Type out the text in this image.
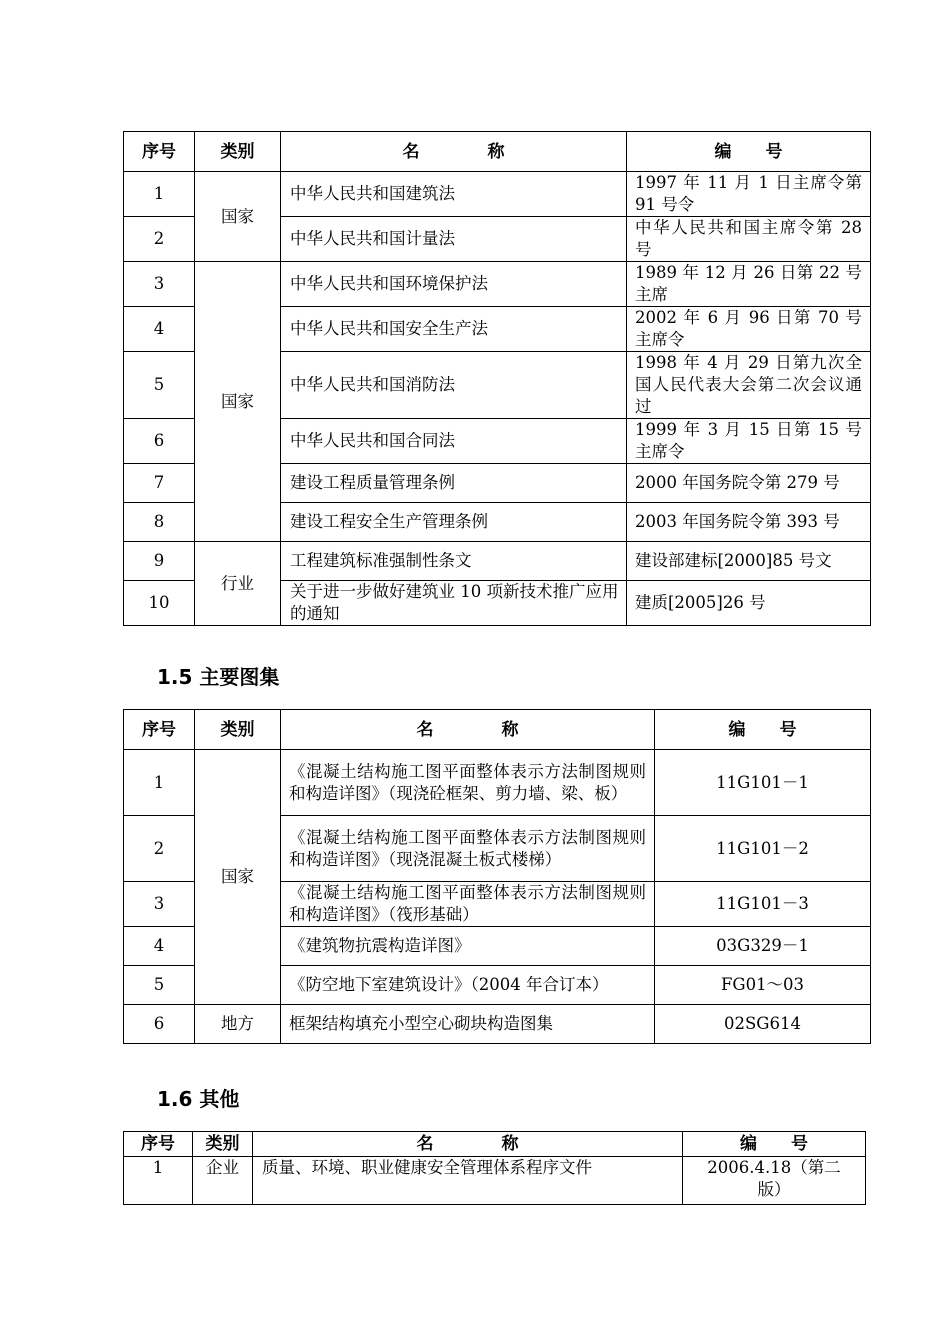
序号	类别	名　　　　称	编　　号
1	国家	中华人民共和国建筑法	1997 年 11 月 1 日主席令第 91 号令
2		中华人民共和国计量法	中华人民共和国主席令第 28 号
3	国家	中华人民共和国环境保护法	1989 年 12 月 26 日第 22 号主席
4		中华人民共和国安全生产法	2002 年 6 月 96 日第 70 号主席令
5		中华人民共和国消防法	1998 年 4 月 29 日第九次全国人民代表大会第二次会议通过
6		中华人民共和国合同法	1999 年 3 月 15 日第 15 号主席令
7		建设工程质量管理条例	2000 年国务院令第 279 号
8		建设工程安全生产管理条例	2003 年国务院令第 393 号
9	行业	工程建筑标准强制性条文	建设部建标[2000]85 号文
10		关于进一步做好建筑业 10 项新技术推广应用的通知	建质[2005]26 号
1.5 主要图集
序号	类别	名　　　　称	编　　号
1	国家	《混凝土结构施工图平面整体表示方法制图规则和构造详图》（现浇砼框架、剪力墙、梁、板）	11G101－1
2		《混凝土结构施工图平面整体表示方法制图规则和构造详图》（现浇混凝土板式楼梯）	11G101－2
3		《混凝土结构施工图平面整体表示方法制图规则和构造详图》（筏形基础）	11G101－3
4		《建筑物抗震构造详图》	03G329－1
5		《防空地下室建筑设计》（2004 年合订本）	FG01～03
6	地方	框架结构填充小型空心砌块构造图集	02SG614
1.6 其他
序号	类别	名　　　　称	编　　号
1	企业	质量、环境、职业健康安全管理体系程序文件	2006.4.18（第二版）
